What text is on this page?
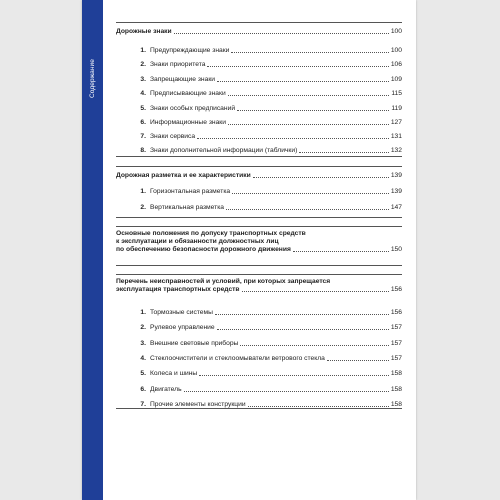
Содержание
Дорожные знаки	100
1. Предупреждающие знаки	100
2. Знаки приоритета	106
3. Запрещающие знаки	109
4. Предписывающие знаки	115
5. Знаки особых предписаний	119
6. Информационные знаки	127
7. Знаки сервиса	131
8. Знаки дополнительной информации (таблички)	132
Дорожная разметка и ее характеристики	139
1. Горизонтальная разметка	139
2. Вертикальная разметка	147
Основные положения по допуску транспортных средств
к эксплуатации и обязанности должностных лиц
по обеспечению безопасности дорожного движения	150
Перечень неисправностей и условий, при которых запрещается
эксплуатация транспортных средств	156
1. Тормозные системы	156
2. Рулевое управление	157
3. Внешние световые приборы	157
4. Стеклоочистители и стеклоомыватели ветрового стекла	157
5. Колеса и шины	158
6. Двигатель	158
7. Прочие элементы конструкции	158
